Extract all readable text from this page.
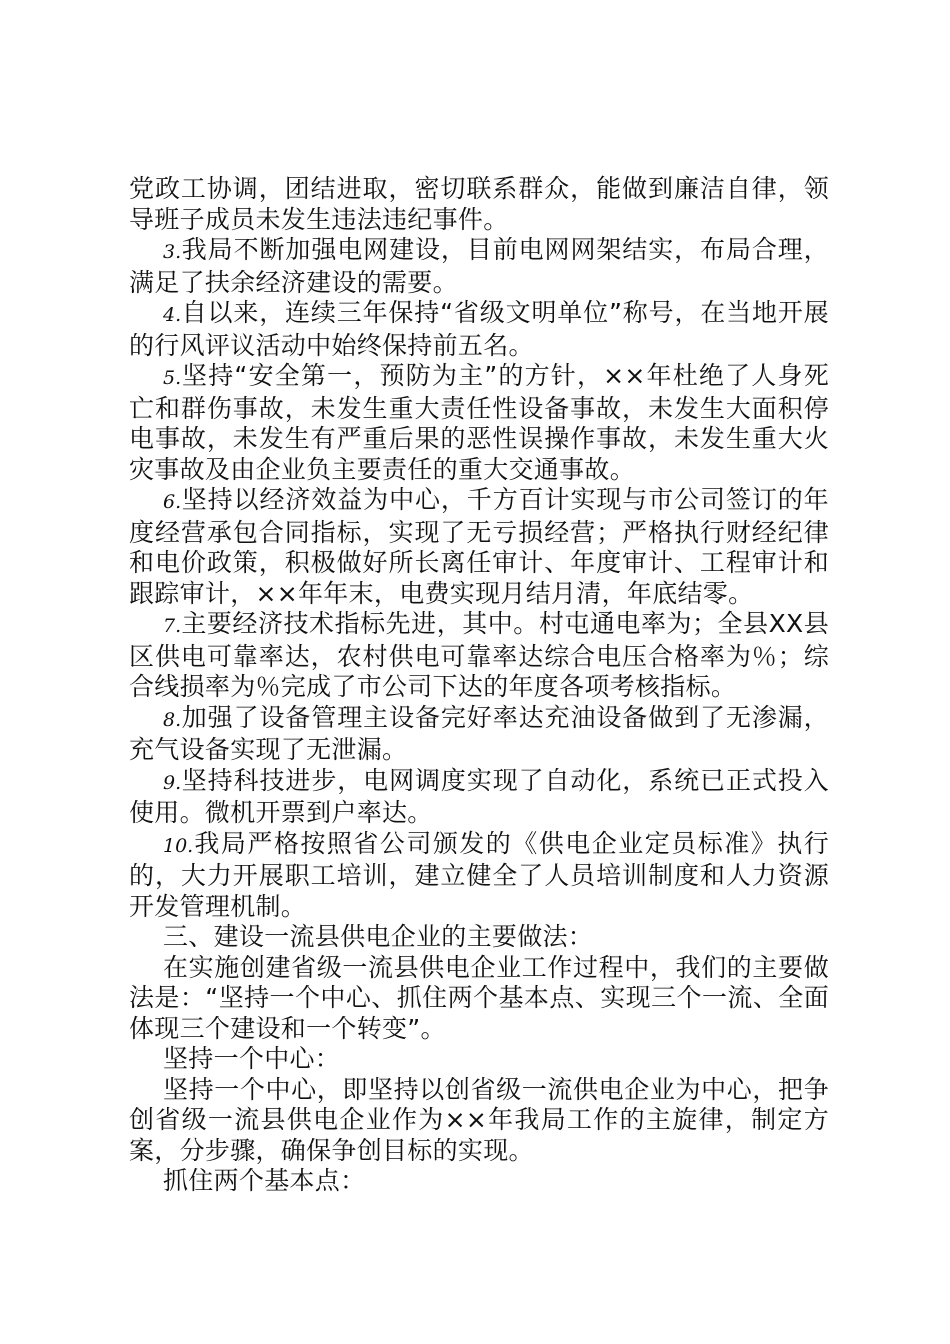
党政工协调，团结进取，密切联系群众，能做到廉洁自律，领导班子成员未发生违法违纪事件。

3.我局不断加强电网建设，目前电网网架结实，布局合理，满足了扶余经济建设的需要。

4.自以来，连续三年保持“省级文明单位”称号，在当地开展的行风评议活动中始终保持前五名。

5.坚持“安全第一，预防为主”的方针，××年杜绝了人身死亡和群伤事故，未发生重大责任性设备事故，未发生大面积停电事故，未发生有严重后果的恶性误操作事故，未发生重大火灾事故及由企业负主要责任的重大交通事故。

6.坚持以经济效益为中心，千方百计实现与市公司签订的年度经营承包合同指标，实现了无亏损经营；严格执行财经纪律和电价政策，积极做好所长离任审计、年度审计、工程审计和跟踪审计，××年年末，电费实现月结月清，年底结零。

7.主要经济技术指标先进，其中。村屯通电率为；全县XX县区供电可靠率达，农村供电可靠率达综合电压合格率为％；综合线损率为％完成了市公司下达的年度各项考核指标。

8.加强了设备管理主设备完好率达充油设备做到了无渗漏，充气设备实现了无泄漏。

9.坚持科技进步，电网调度实现了自动化，系统已正式投入使用。微机开票到户率达。

10.我局严格按照省公司颁发的《供电企业定员标准》执行的，大力开展职工培训，建立健全了人员培训制度和人力资源开发管理机制。

三、建设一流县供电企业的主要做法：

在实施创建省级一流县供电企业工作过程中，我们的主要做法是：“坚持一个中心、抓住两个基本点、实现三个一流、全面体现三个建设和一个转变”。

坚持一个中心：

坚持一个中心，即坚持以创省级一流供电企业为中心，把争创省级一流县供电企业作为××年我局工作的主旋律，制定方案，分步骤，确保争创目标的实现。

抓住两个基本点：
